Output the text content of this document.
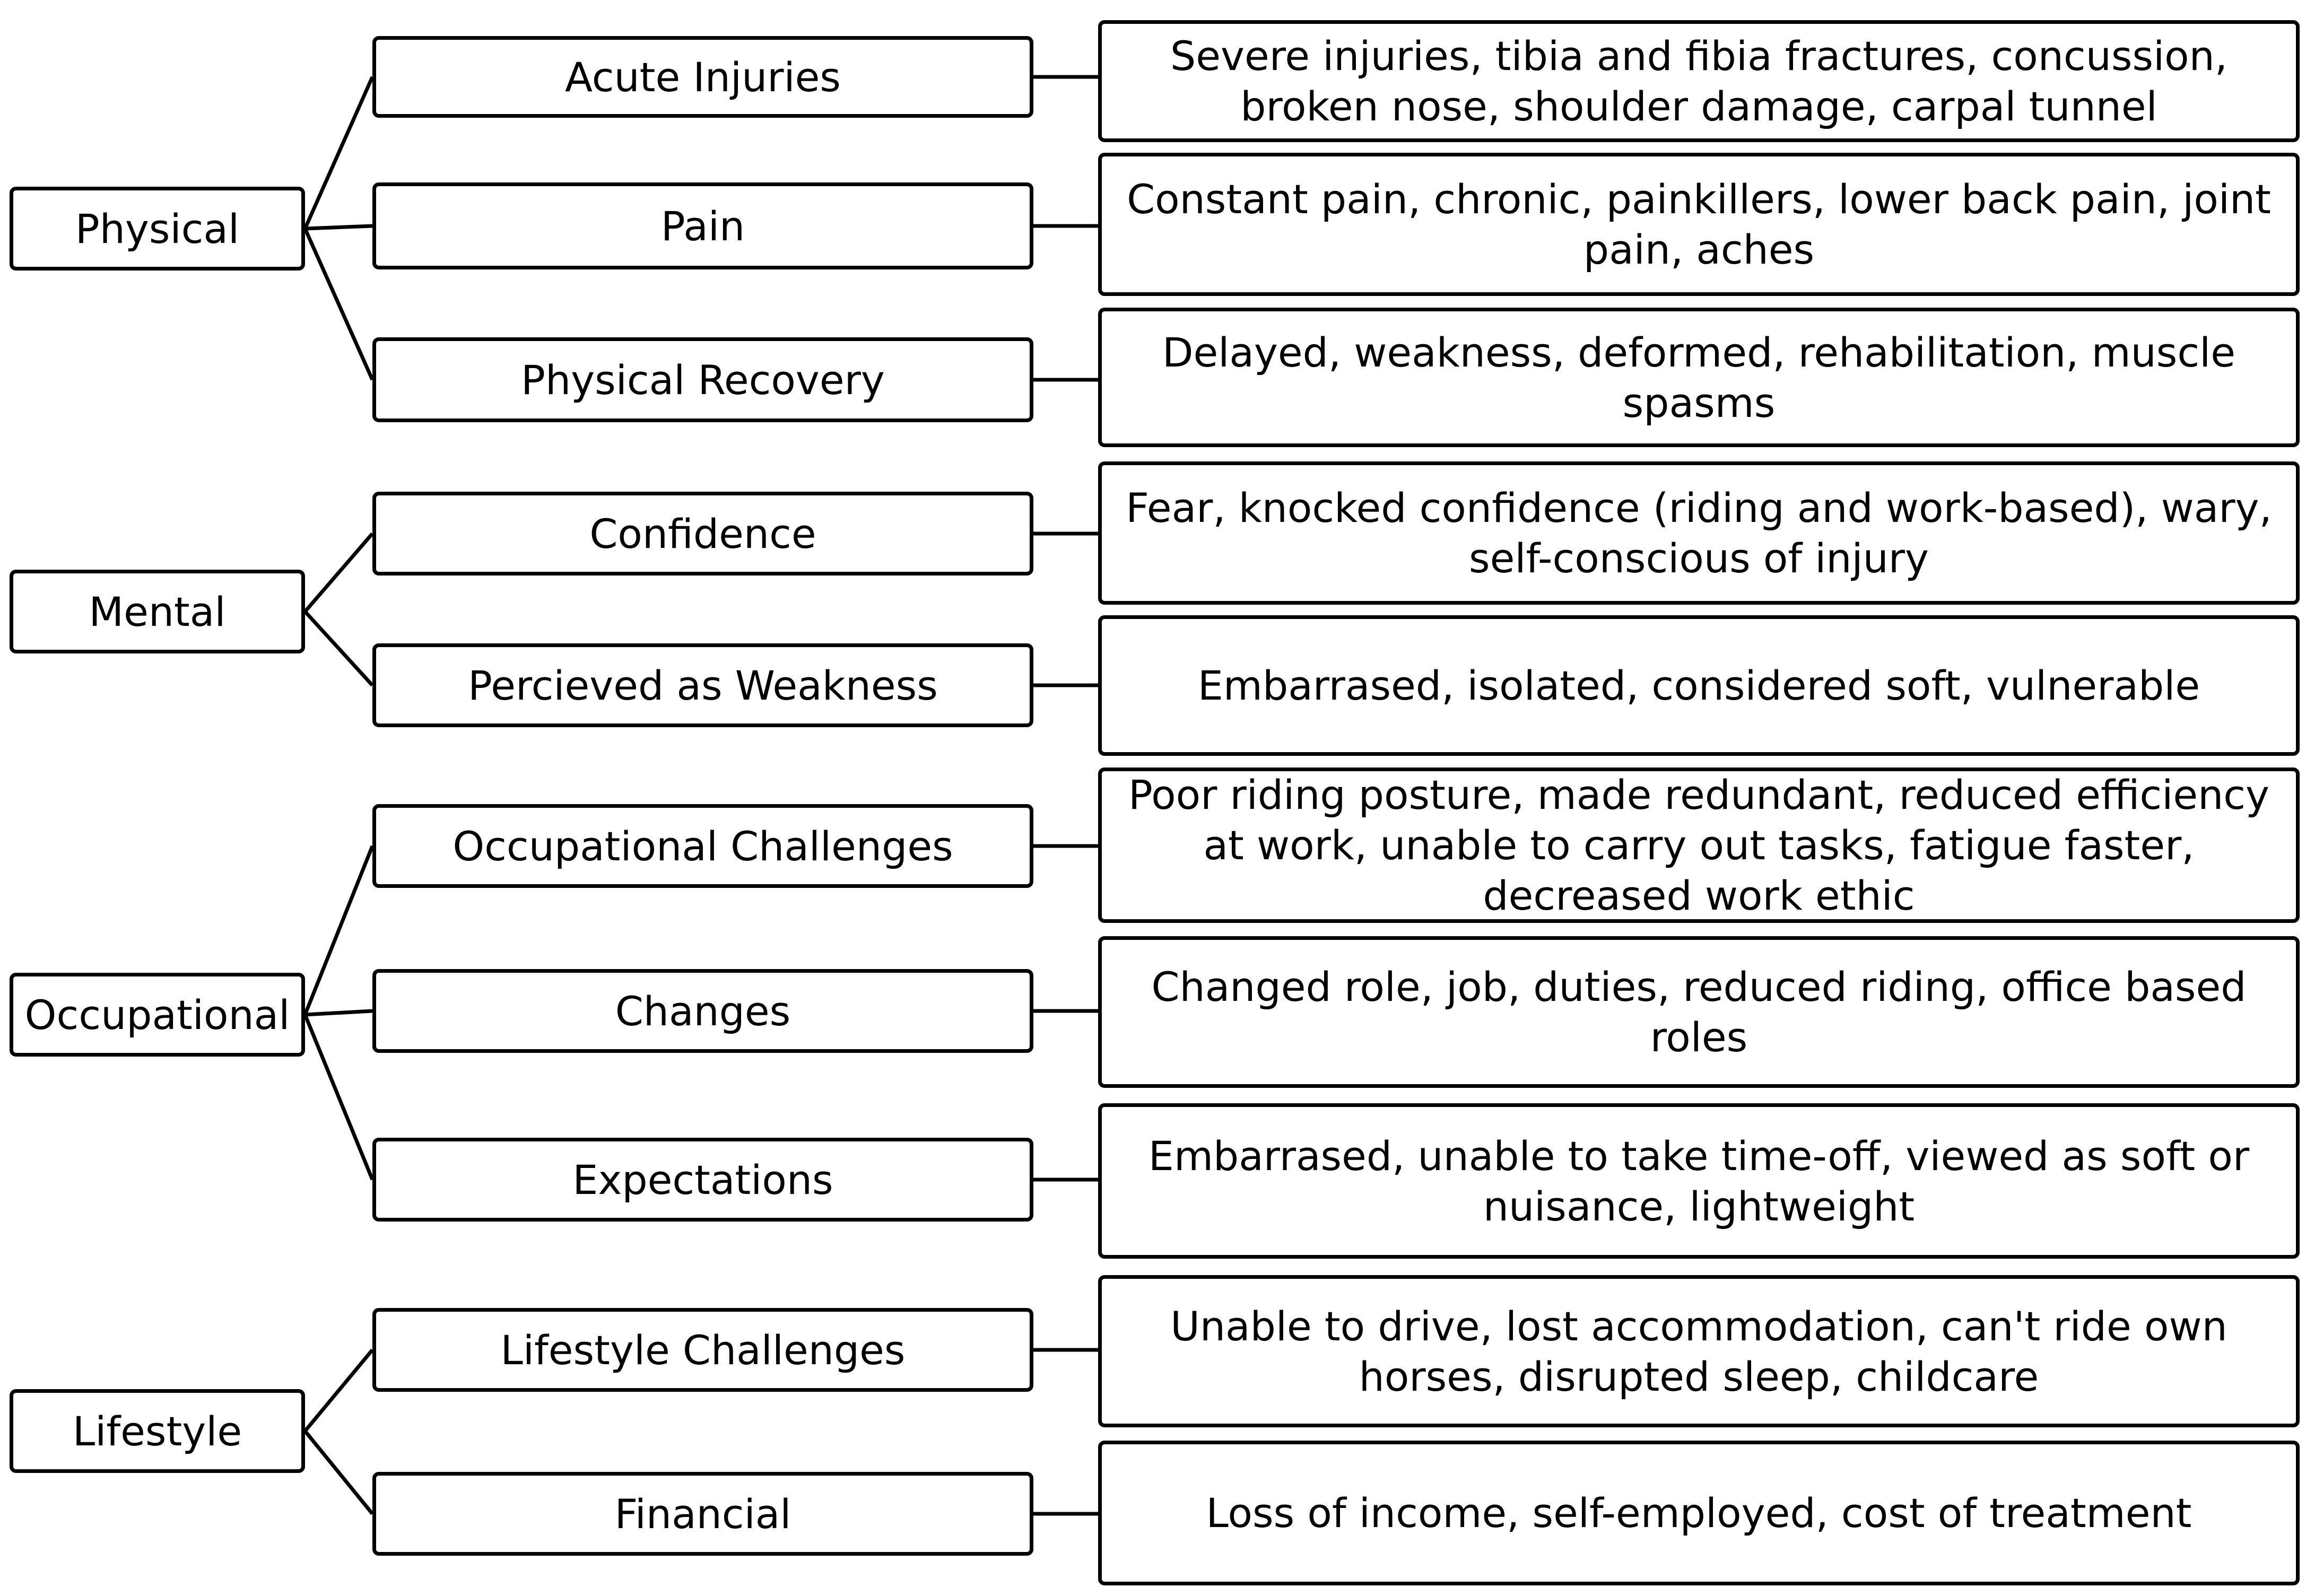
Physical
Acute Injuries	Severe injuries, tibia and fibia fractures, concussion, broken nose, shoulder damage, carpal tunnel
Pain
Constant pain, chronic, painkillers, lower back pain, joint pain, aches
Physical Recovery
Delayed, weakness, deformed, rehabilitation, muscle spasms
Mental
Confidence
Fear, knocked confidence (riding and work-based), wary, self-conscious of injury
Percieved as Weakness	Embarrased, isolated, considered soft, vulnerable
Occupational
Occupational Challenges
Poor riding posture, made redundant, reduced efficiency at work, unable to carry out tasks, fatigue faster, decreased work ethic
Changes
Changed role, job, duties, reduced riding, office based roles
Expectations
Embarrased, unable to take time-off, viewed as soft or nuisance, lightweight
Lifestyle
Lifestyle Challenges
Unable to drive, lost accommodation, can't ride own horses, disrupted sleep, childcare
Financial	Loss of income, self-employed, cost of treatment
